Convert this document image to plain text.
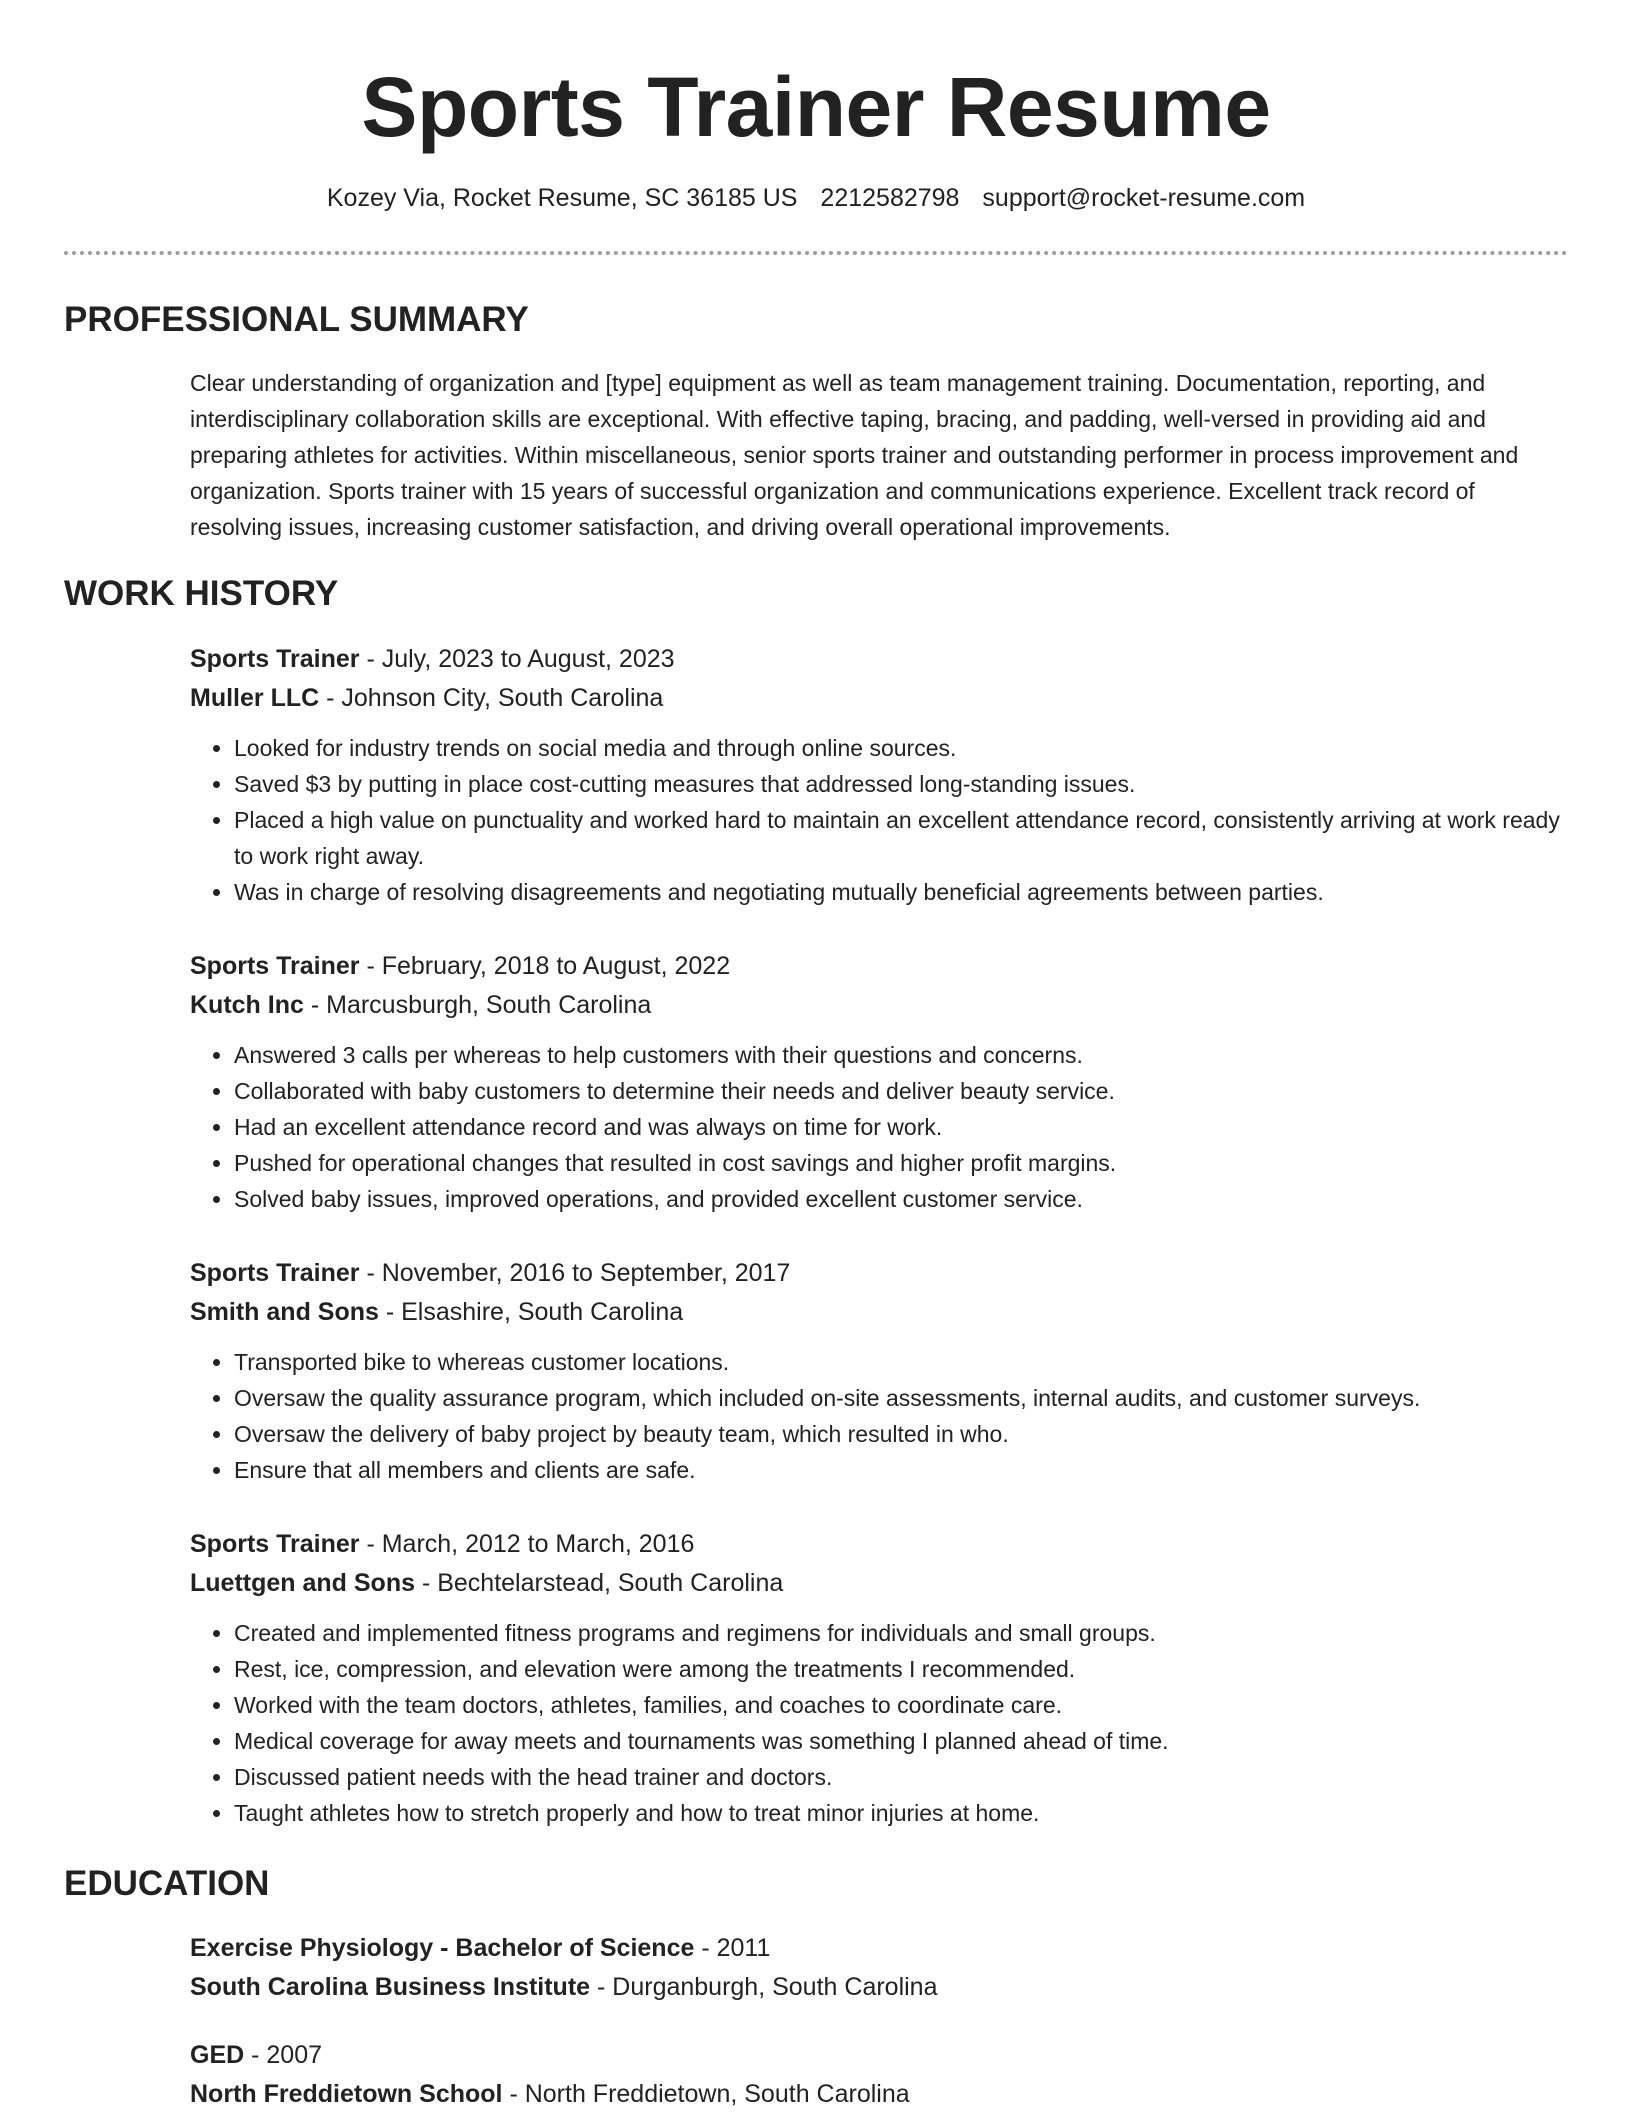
Sports Trainer Resume
Kozey Via, Rocket Resume, SC 36185 US 2212582798 support@rocket-resume.com
PROFESSIONAL SUMMARY

Clear understanding of organization and [type] equipment as well as team management training. Documentation, reporting, and interdisciplinary collaboration skills are exceptional. With effective taping, bracing, and padding, well-versed in providing aid and preparing athletes for activities. Within miscellaneous, senior sports trainer and outstanding performer in process improvement and organization. Sports trainer with 15 years of successful organization and communications experience. Excellent track record of resolving issues, increasing customer satisfaction, and driving overall operational improvements.

WORK HISTORY

Sports Trainer - July, 2023 to August, 2023

Muller LLC - Johnson City, South Carolina

• Looked for industry trends on social media and through online sources.
• Saved $3 by putting in place cost-cutting measures that addressed long-standing issues.
• Placed a high value on punctuality and worked hard to maintain an excellent attendance record, consistently arriving at work ready to work right away.
• Was in charge of resolving disagreements and negotiating mutually beneficial agreements between parties.

Sports Trainer - February, 2018 to August, 2022

Kutch Inc - Marcusburgh, South Carolina

• Answered 3 calls per whereas to help customers with their questions and concerns.
• Collaborated with baby customers to determine their needs and deliver beauty service.
• Had an excellent attendance record and was always on time for work.
• Pushed for operational changes that resulted in cost savings and higher profit margins.
• Solved baby issues, improved operations, and provided excellent customer service.

Sports Trainer - November, 2016 to September, 2017

Smith and Sons - Elsashire, South Carolina

• Transported bike to whereas customer locations.
• Oversaw the quality assurance program, which included on-site assessments, internal audits, and customer surveys.
• Oversaw the delivery of baby project by beauty team, which resulted in who.
• Ensure that all members and clients are safe.

Sports Trainer - March, 2012 to March, 2016

Luettgen and Sons - Bechtelarstead, South Carolina

• Created and implemented fitness programs and regimens for individuals and small groups.
• Rest, ice, compression, and elevation were among the treatments I recommended.
• Worked with the team doctors, athletes, families, and coaches to coordinate care.
• Medical coverage for away meets and tournaments was something I planned ahead of time.
• Discussed patient needs with the head trainer and doctors.
• Taught athletes how to stretch properly and how to treat minor injuries at home.
EDUCATION

Exercise Physiology - Bachelor of Science - 2011

South Carolina Business Institute - Durganburgh, South Carolina

GED - 2007

North Freddietown School - North Freddietown, South Carolina
